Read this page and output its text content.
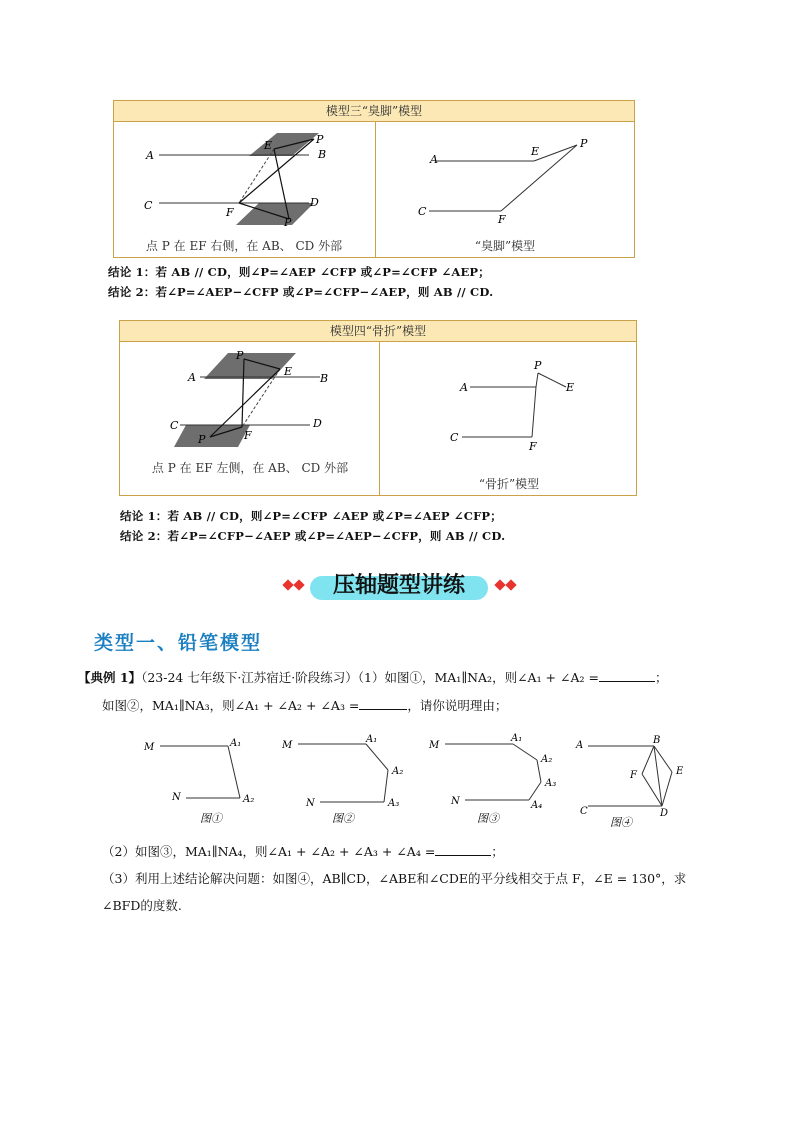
模型三“臭脚”模型
A	B
C	D
E
F
P
P
点 P 在 EF 右侧，在 AB、 CD 外部
A
E
P
C
F
“臭脚”模型
结论 1：若 AB // CD，则∠P=∠AEP ∠CFP 或∠P=∠CFP ∠AEP；
结论 2：若∠P=∠AEP−∠CFP 或∠P=∠CFP−∠AEP，则 AB // CD.
模型四“骨折”模型
A	B
C	D
E
F
P
P
点 P 在 EF 左侧，在 AB、 CD 外部
A
P
E
C
F
“骨折”模型
结论 1：若 AB // CD，则∠P=∠CFP ∠AEP 或∠P=∠AEP ∠CFP；
结论 2：若∠P=∠CFP−∠AEP 或∠P=∠AEP−∠CFP，则 AB // CD.
压轴题型讲练
类型一、铅笔模型
【典例 1】（23-24 七年级下·江苏宿迁·阶段练习）（1）如图①，MA₁∥NA₂，则∠A₁ + ∠A₂ =	；
如图②，MA₁∥NA₃，则∠A₁ + ∠A₂ + ∠A₃ =	，请你说明理由；
M	A₁
A₂
N
图①
M
A₁
A₂
A₃
N
图②
M
A₁
A₂
A₃
A₄
N
图③
A	B
E
F
C	D
图④
（2）如图③，MA₁∥NA₄，则∠A₁ + ∠A₂ + ∠A₃ + ∠A₄ =	；
（3）利用上述结论解决问题：如图④，AB∥CD，∠ABE和∠CDE的平分线相交于点 F，∠E = 130°，求
∠BFD的度数.
